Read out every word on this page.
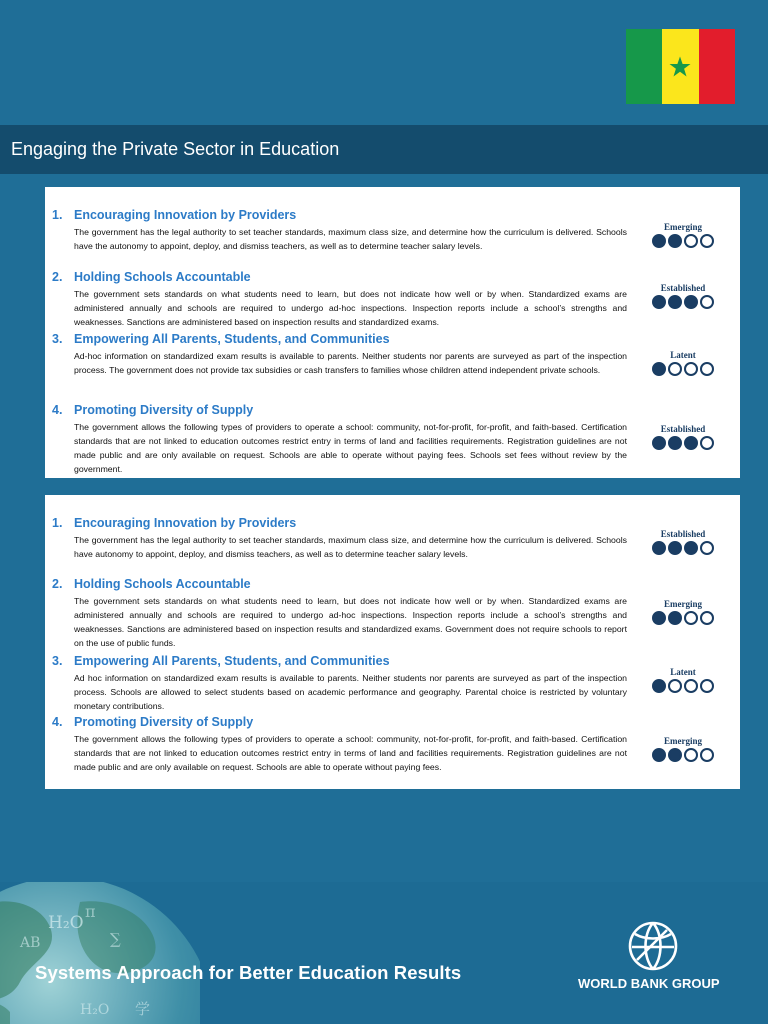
Engaging the Private Sector in Education
1. Encouraging Innovation by Providers
The government has the legal authority to set teacher standards, maximum class size, and determine how the curriculum is delivered. Schools have the autonomy to appoint, deploy, and dismiss teachers, as well as to determine teacher salary levels.
Emerging
2. Holding Schools Accountable
The government sets standards on what students need to learn, but does not indicate how well or by when. Standardized exams are administered annually and schools are required to undergo ad-hoc inspections. Inspection reports include a school’s strengths and weaknesses. Sanctions are administered based on inspection results and standardized exams.
Established
3. Empowering All Parents, Students, and Communities
Ad-hoc information on standardized exam results is available to parents. Neither students nor parents are surveyed as part of the inspection process. The government does not provide tax subsidies or cash transfers to families whose children attend independent private schools.
Latent
4. Promoting Diversity of Supply
The government allows the following types of providers to operate a school: community, not-for-profit, for-profit, and faith-based. Certification standards that are not linked to education outcomes restrict entry in terms of land and facilities requirements. Registration guidelines are not made public and are only available on request. Schools are able to operate without paying fees. Schools set fees without review by the government.
Established
1. Encouraging Innovation by Providers
The government has the legal authority to set teacher standards, maximum class size, and determine how the curriculum is delivered. Schools have autonomy to appoint, deploy, and dismiss teachers, as well as to determine teacher salary levels.
Established
2. Holding Schools Accountable
The government sets standards on what students need to learn, but does not indicate how well or by when. Standardized exams are administered annually and schools are required to undergo ad-hoc inspections. Inspection reports include a school’s strengths and weaknesses. Sanctions are administered based on inspection results and standardized exams. Government does not require schools to report on the use of public funds.
Emerging
3. Empowering All Parents, Students, and Communities
Ad hoc information on standardized exam results is available to parents. Neither students nor parents are surveyed as part of the inspection process. Schools are allowed to select students based on academic performance and geography. Parental choice is restricted by voluntary monetary contributions.
Latent
4. Promoting Diversity of Supply
The government allows the following types of providers to operate a school: community, not-for-profit, for-profit, and faith-based. Certification standards that are not linked to education outcomes restrict entry in terms of land and facilities requirements. Registration guidelines are not made public and are only available on request. Schools are able to operate without paying fees.
Emerging
H₂O
∑
AB
π
H₂O 学
Systems Approach for Better Education Results
WORLD BANK GROUP
